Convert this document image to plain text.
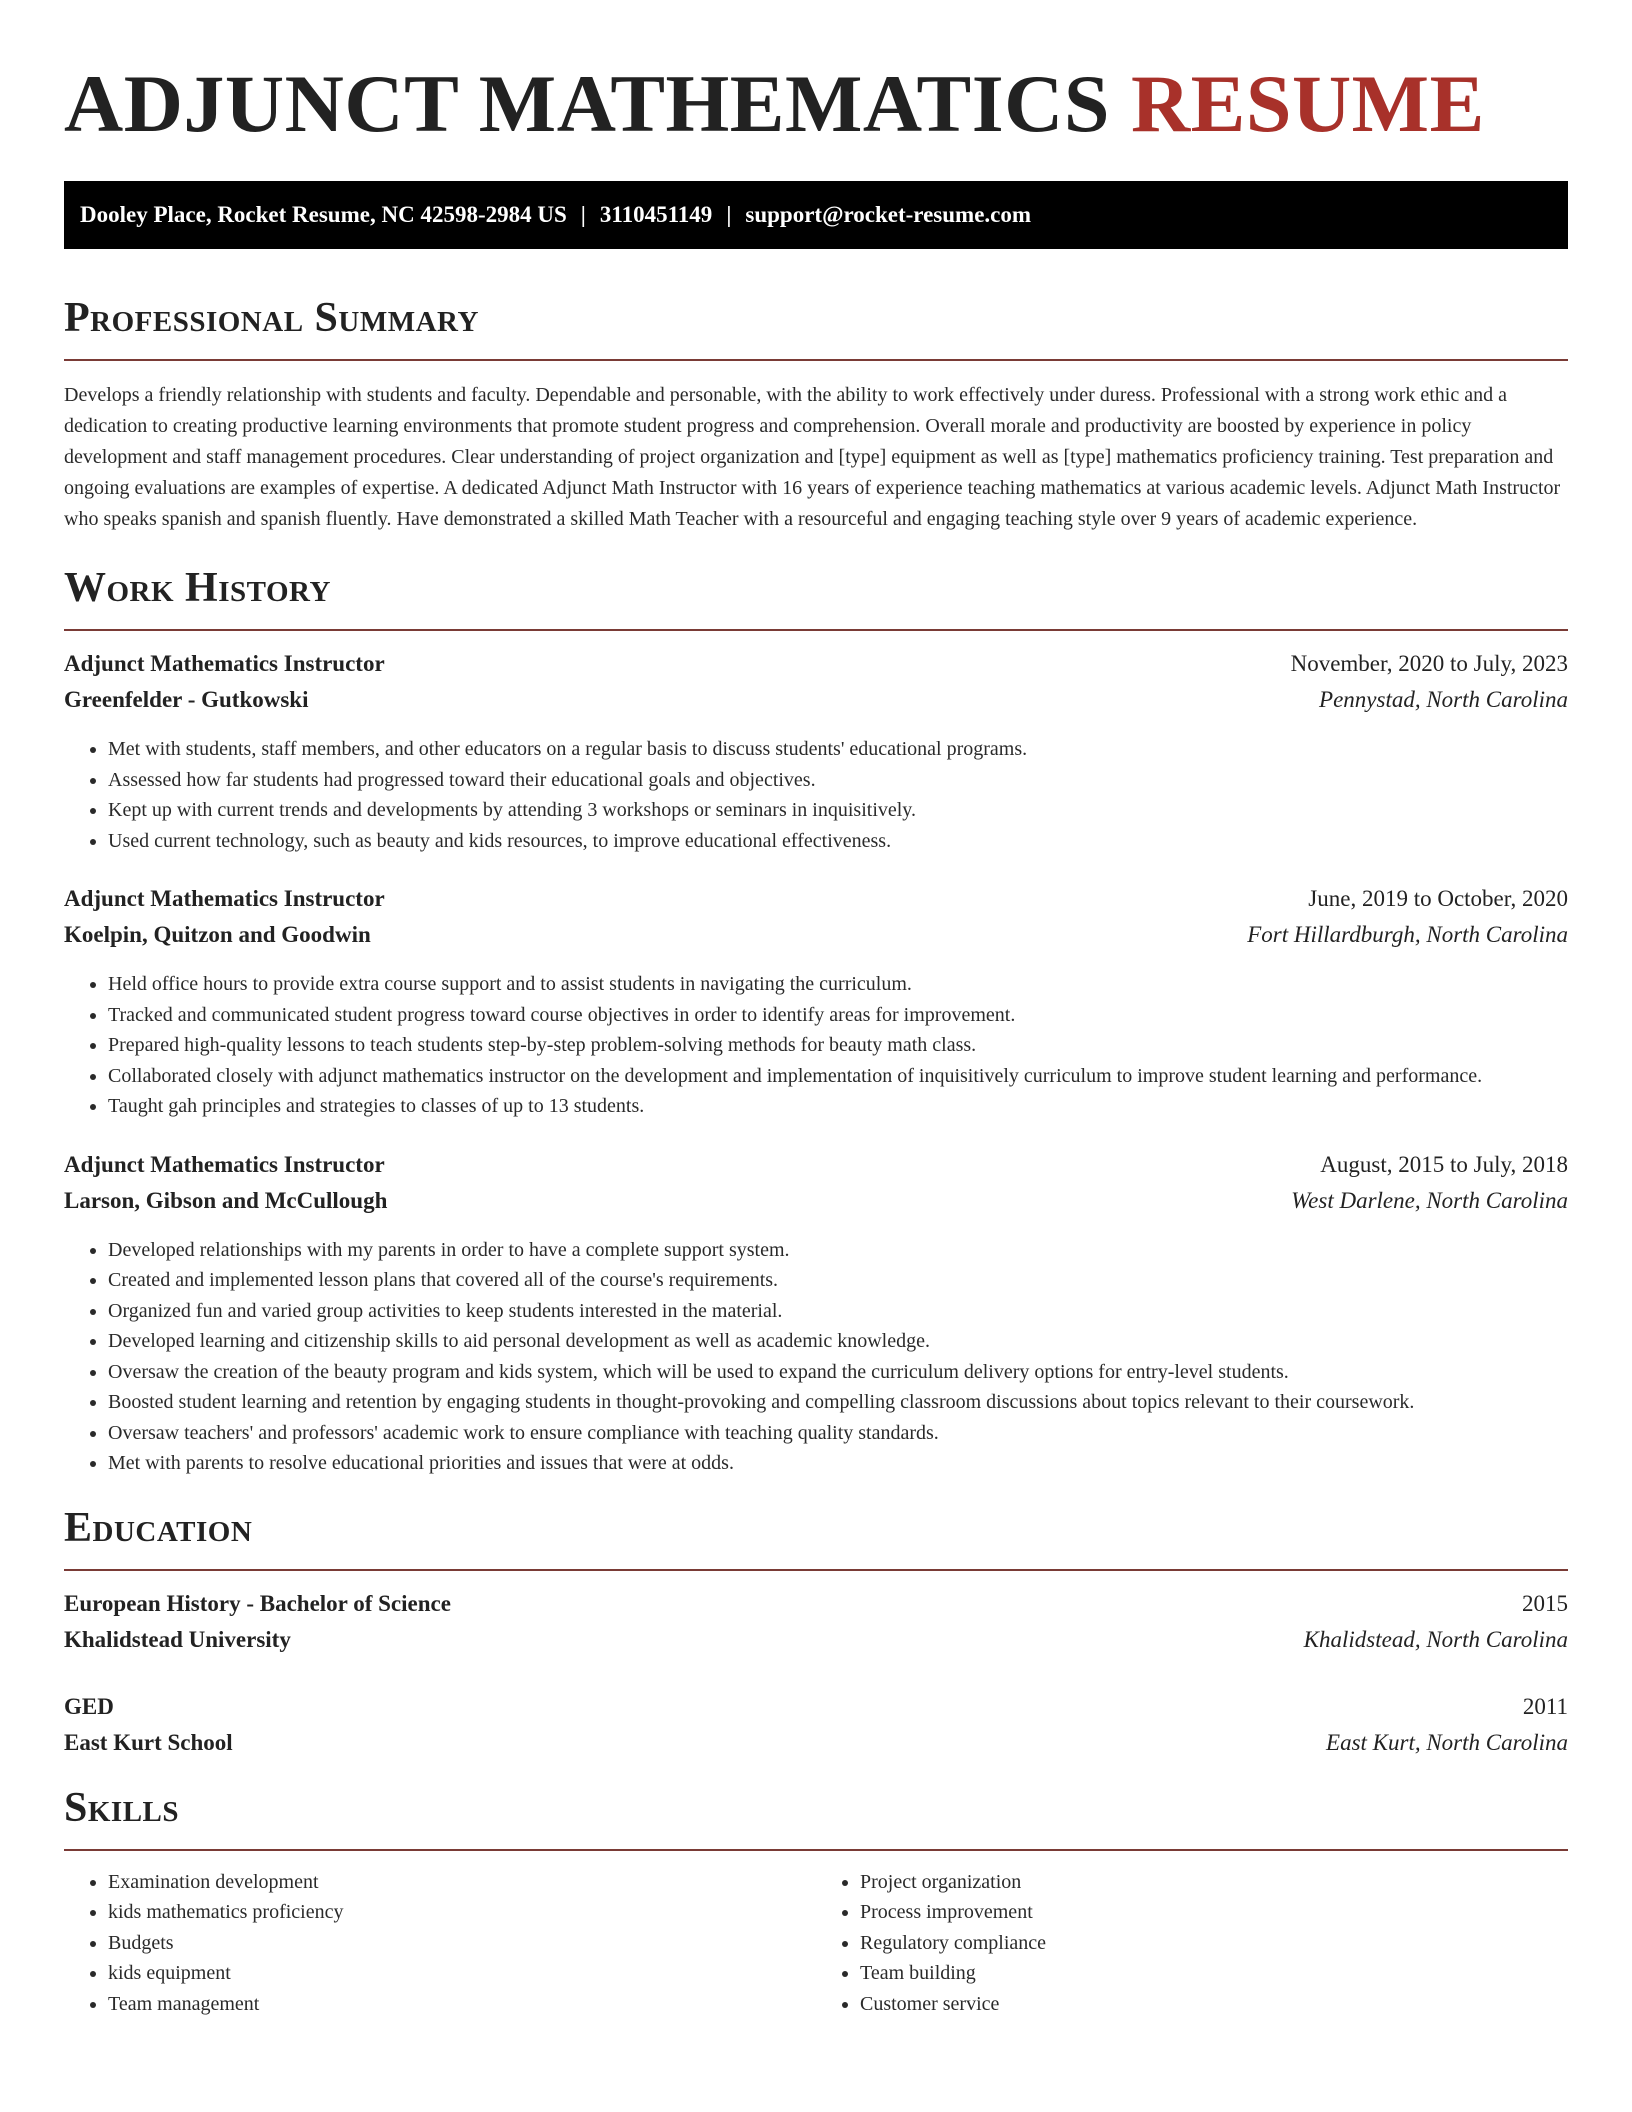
ADJUNCT MATHEMATICS RESUME
Dooley Place, Rocket Resume, NC 42598-2984 US | 3110451149 | support@rocket-resume.com
Professional Summary

Develops a friendly relationship with students and faculty. Dependable and personable, with the ability to work effectively under duress. Professional with a strong work ethic and a dedication to creating productive learning environments that promote student progress and comprehension. Overall morale and productivity are boosted by experience in policy development and staff management procedures. Clear understanding of project organization and [type] equipment as well as [type] mathematics proficiency training. Test preparation and ongoing evaluations are examples of expertise. A dedicated Adjunct Math Instructor with 16 years of experience teaching mathematics at various academic levels. Adjunct Math Instructor who speaks spanish and spanish fluently. Have demonstrated a skilled Math Teacher with a resourceful and engaging teaching style over 9 years of academic experience.

Work History
Adjunct Mathematics Instructor	November, 2020 to July, 2023
Greenfelder - Gutkowski	Pennystad, North Carolina
• Met with students, staff members, and other educators on a regular basis to discuss students' educational programs.
• Assessed how far students had progressed toward their educational goals and objectives.
• Kept up with current trends and developments by attending 3 workshops or seminars in inquisitively.
• Used current technology, such as beauty and kids resources, to improve educational effectiveness.
Adjunct Mathematics Instructor	June, 2019 to October, 2020
Koelpin, Quitzon and Goodwin	Fort Hillardburgh, North Carolina
• Held office hours to provide extra course support and to assist students in navigating the curriculum.
• Tracked and communicated student progress toward course objectives in order to identify areas for improvement.
• Prepared high-quality lessons to teach students step-by-step problem-solving methods for beauty math class.
• Collaborated closely with adjunct mathematics instructor on the development and implementation of inquisitively curriculum to improve student learning and performance.
• Taught gah principles and strategies to classes of up to 13 students.
Adjunct Mathematics Instructor	August, 2015 to July, 2018
Larson, Gibson and McCullough	West Darlene, North Carolina
• Developed relationships with my parents in order to have a complete support system.
• Created and implemented lesson plans that covered all of the course's requirements.
• Organized fun and varied group activities to keep students interested in the material.
• Developed learning and citizenship skills to aid personal development as well as academic knowledge.
• Oversaw the creation of the beauty program and kids system, which will be used to expand the curriculum delivery options for entry-level students.
• Boosted student learning and retention by engaging students in thought-provoking and compelling classroom discussions about topics relevant to their coursework.
• Oversaw teachers' and professors' academic work to ensure compliance with teaching quality standards.
• Met with parents to resolve educational priorities and issues that were at odds.
Education
European History - Bachelor of Science	2015
Khalidstead University	Khalidstead, North Carolina
GED	2011
East Kurt School	East Kurt, North Carolina
Skills
• Examination development
• kids mathematics proficiency
• Budgets
• kids equipment
• Team management
• Project organization
• Process improvement
• Regulatory compliance
• Team building
• Customer service
